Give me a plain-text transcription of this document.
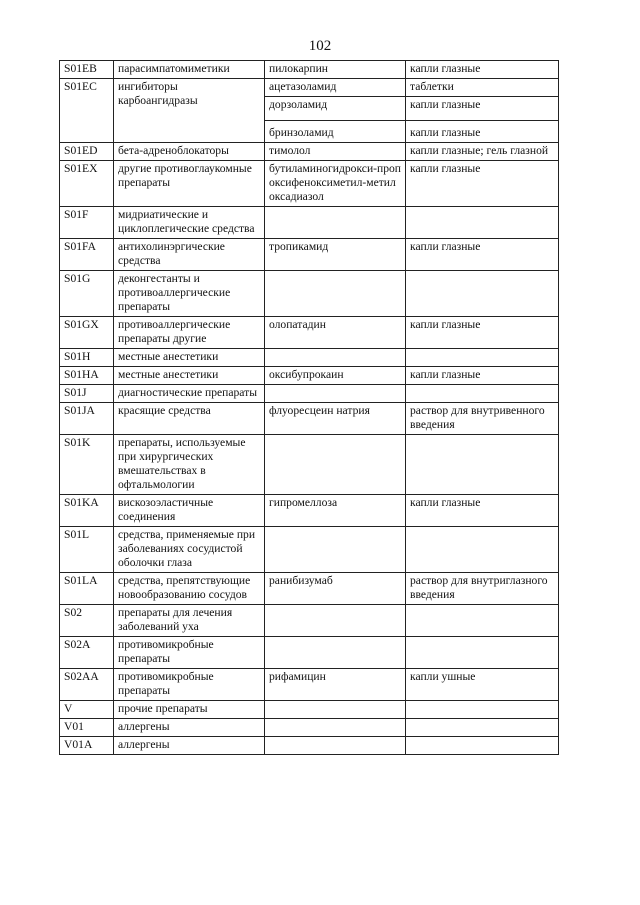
102
S01EB	парасимпатомиметики	пилокарпин	капли глазные
S01EC	ингибиторы карбоангидразы	ацетазоламид	таблетки
		дорзоламид	капли глазные
		бринзоламид	капли глазные
S01ED	бета-адреноблокаторы	тимолол	капли глазные; гель глазной
S01EX	другие противоглаукомные препараты	бутиламиногидрокси-пропоксифеноксиметил-метилоксадиазол	капли глазные
S01F	мидриатические и циклоплегические средства		
S01FA	антихолинэргические средства	тропикамид	капли глазные
S01G	деконгестанты и противоаллергические препараты		
S01GX	противоаллергические препараты другие	олопатадин	капли глазные
S01H	местные анестетики		
S01HA	местные анестетики	оксибупрокаин	капли глазные
S01J	диагностические препараты		
S01JA	красящие средства	флуоресцеин натрия	раствор для внутривенного введения
S01K	препараты, используемые при хирургических вмешательствах в офтальмологии		
S01KA	вискозоэластичные соединения	гипромеллоза	капли глазные
S01L	средства, применяемые при заболеваниях сосудистой оболочки глаза		
S01LA	средства, препятствующие новообразованию сосудов	ранибизумаб	раствор для внутриглазного введения
S02	препараты для лечения заболеваний уха		
S02A	противомикробные препараты		
S02AA	противомикробные препараты	рифамицин	капли ушные
V	прочие препараты		
V01	аллергены		
V01A	аллергены		
